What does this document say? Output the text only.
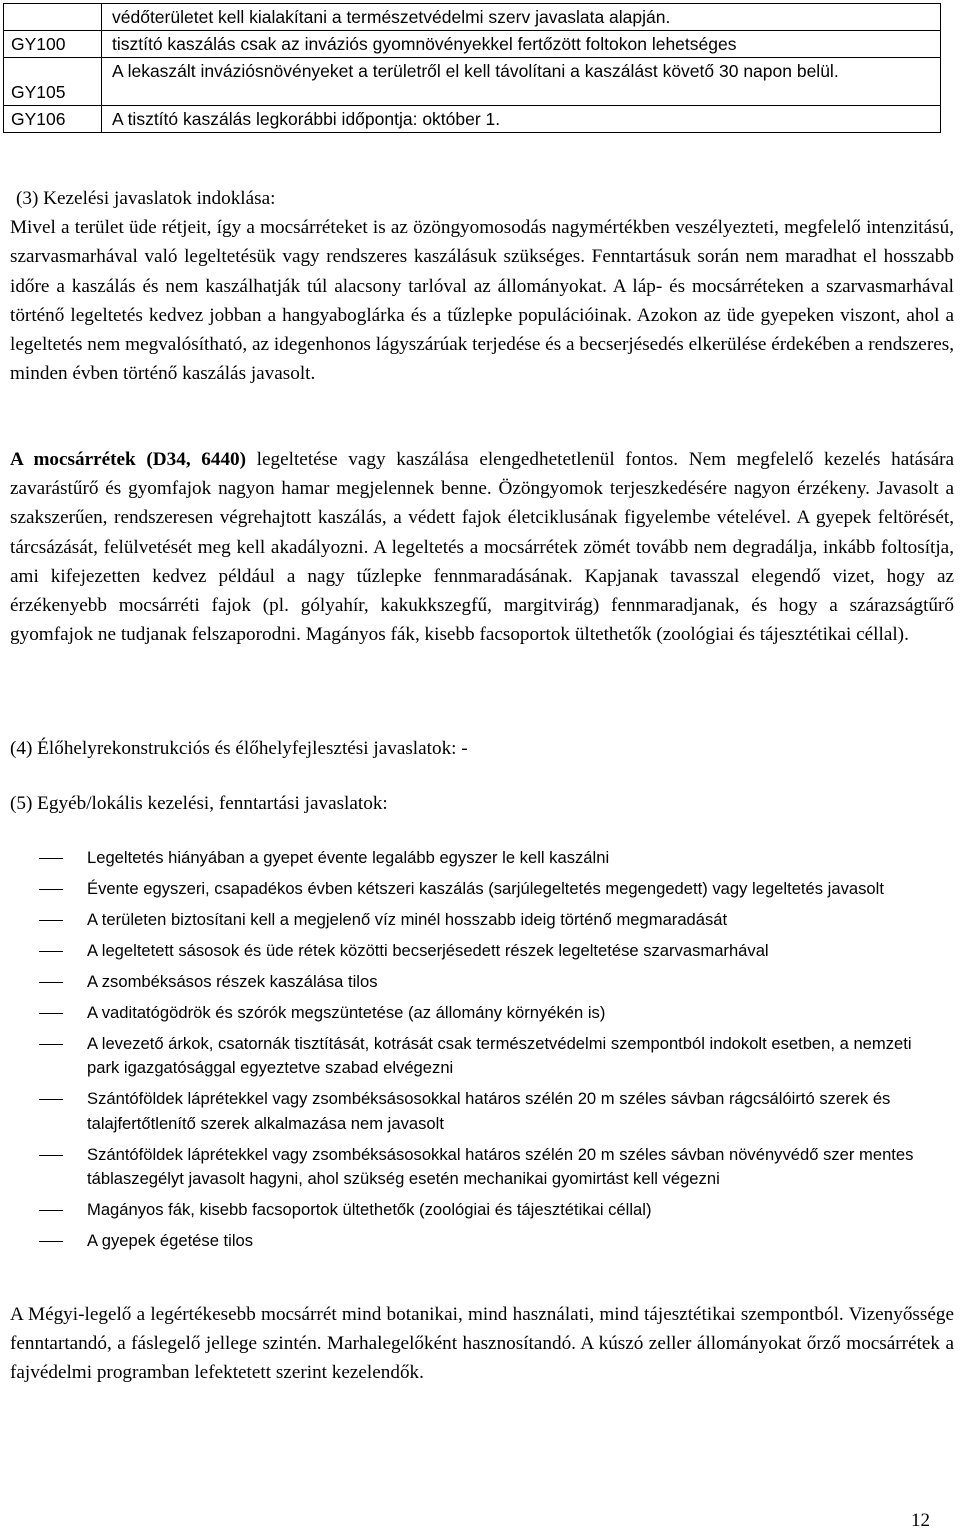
	védőterületet kell kialakítani a természetvédelmi szerv javaslata alapján.
GY100	tisztító kaszálás csak az inváziós gyomnövényekkel fertőzött foltokon lehetséges
GY105	A lekaszált inváziósnövényeket a területről el kell távolítani a kaszálást követő 30 napon belül.
GY106	A tisztító kaszálás legkorábbi időpontja: október 1.

(3) Kezelési javaslatok indoklása:

Mivel a terület üde rétjeit, így a mocsárréteket is az özöngyomosodás nagymértékben veszélyezteti, megfelelő intenzitású, szarvasmarhával való legeltetésük vagy rendszeres kaszálásuk szükséges. Fenntartásuk során nem maradhat el hosszabb időre a kaszálás és nem kaszálhatják túl alacsony tarlóval az állományokat. A láp- és mocsárréteken a szarvasmarhával történő legeltetés kedvez jobban a hangyaboglárka és a tűzlepke populációinak. Azokon az üde gyepeken viszont, ahol a legeltetés nem megvalósítható, az idegenhonos lágyszárúak terjedése és a becserjésedés elkerülése érdekében a rendszeres, minden évben történő kaszálás javasolt.

A mocsárrétek (D34, 6440) legeltetése vagy kaszálása elengedhetetlenül fontos. Nem megfelelő kezelés hatására zavarástűrő és gyomfajok nagyon hamar megjelennek benne. Özöngyomok terjeszkedésére nagyon érzékeny. Javasolt a szakszerűen, rendszeresen végrehajtott kaszálás, a védett fajok életciklusának figyelembe vételével. A gyepek feltörését, tárcsázását, felülvetését meg kell akadályozni. A legeltetés a mocsárrétek zömét tovább nem degradálja, inkább foltosítja, ami kifejezetten kedvez például a nagy tűzlepke fennmaradásának. Kapjanak tavasszal elegendő vizet, hogy az érzékenyebb mocsárréti fajok (pl. gólyahír, kakukkszegfű, margitvirág) fennmaradjanak, és hogy a szárazságtűrő gyomfajok ne tudjanak felszaporodni. Magányos fák, kisebb facsoportok ültethetők (zoológiai és tájesztétikai céllal).

(4) Élőhelyrekonstrukciós és élőhelyfejlesztési javaslatok: -

(5) Egyéb/lokális kezelési, fenntartási javaslatok:

Legeltetés hiányában a gyepet évente legalább egyszer le kell kaszálni
Évente egyszeri, csapadékos évben kétszeri kaszálás (sarjúlegeltetés megengedett) vagy legeltetés javasolt
A területen biztosítani kell a megjelenő víz minél hosszabb ideig történő megmaradását
A legeltetett sásosok és üde rétek közötti becserjésedett részek legeltetése szarvasmarhával
A zsombéksásos részek kaszálása tilos
A vaditatógödrök és szórók megszüntetése (az állomány környékén is)
A levezető árkok, csatornák tisztítását, kotrását csak természetvédelmi szempontból indokolt esetben, a nemzeti park igazgatósággal egyeztetve szabad elvégezni
Szántóföldek láprétekkel vagy zsombéksásosokkal határos szélén 20 m széles sávban rágcsálóirtó szerek és talajfertőtlenítő szerek alkalmazása nem javasolt
Szántóföldek láprétekkel vagy zsombéksásosokkal határos szélén 20 m széles sávban növényvédő szer mentes táblaszegélyt javasolt hagyni, ahol szükség esetén mechanikai gyomirtást kell végezni
Magányos fák, kisebb facsoportok ültethetők (zoológiai és tájesztétikai céllal)
A gyepek égetése tilos

A Mégyi-legelő a legértékesebb mocsárrét mind botanikai, mind használati, mind tájesztétikai szempontból. Vizenyőssége fenntartandó, a fáslegelő jellege szintén. Marhalegelőként hasznosítandó. A kúszó zeller állományokat őrző mocsárrétek a fajvédelmi programban lefektetett szerint kezelendők.

12
